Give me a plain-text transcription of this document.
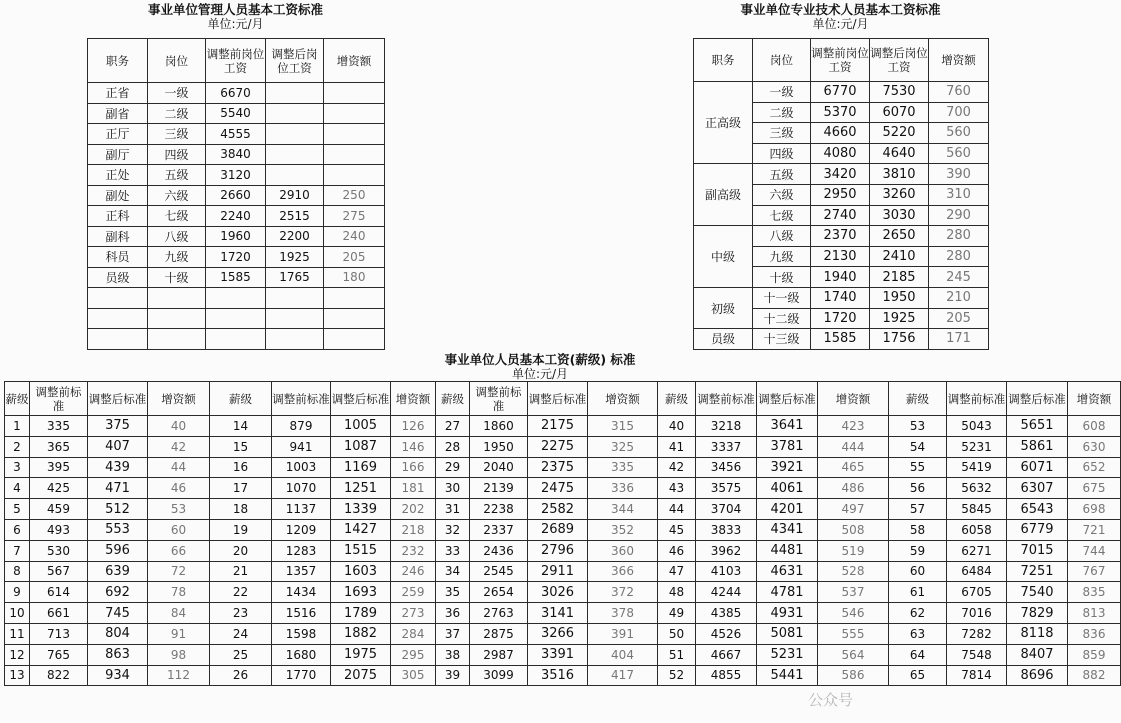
事业单位管理人员基本工资标准
单位:元/月
事业单位专业技术人员基本工资标准
单位:元/月
事业单位人员基本工资(薪级) 标准
单位:元/月
职务	岗位	调整前岗位工资	调整后岗位工资	增资额
正省	一级	6670		
副省	二级	5540		
正厅	三级	4555		
副厅	四级	3840		
正处	五级	3120		
副处	六级	2660	2910	250
正科	七级	2240	2515	275
副科	八级	1960	2200	240
科员	九级	1720	1925	205
员级	十级	1585	1765	180

职务	岗位	调整前岗位工资	调整后岗位工资	增资额
正高级	一级	6770	7530	760
	二级	5370	6070	700
	三级	4660	5220	560
	四级	4080	4640	560
副高级	五级	3420	3810	390
	六级	2950	3260	310
	七级	2740	3030	290
中级	八级	2370	2650	280
	九级	2130	2410	280
	十级	1940	2185	245
初级	十一级	1740	1950	210
	十二级	1720	1925	205
员级	十三级	1585	1756	171
薪级	调整前标准	调整后标准	增资额	薪级	调整前标准	调整后标准	增资额	薪级	调整前标准	调整后标准	增资额	薪级	调整前标准	调整后标准	增资额	薪级	调整前标准	调整后标准	增资额
1	335	375	40	14	879	1005	126	27	1860	2175	315	40	3218	3641	423	53	5043	5651	608
2	365	407	42	15	941	1087	146	28	1950	2275	325	41	3337	3781	444	54	5231	5861	630
3	395	439	44	16	1003	1169	166	29	2040	2375	335	42	3456	3921	465	55	5419	6071	652
4	425	471	46	17	1070	1251	181	30	2139	2475	336	43	3575	4061	486	56	5632	6307	675
5	459	512	53	18	1137	1339	202	31	2238	2582	344	44	3704	4201	497	57	5845	6543	698
6	493	553	60	19	1209	1427	218	32	2337	2689	352	45	3833	4341	508	58	6058	6779	721
7	530	596	66	20	1283	1515	232	33	2436	2796	360	46	3962	4481	519	59	6271	7015	744
8	567	639	72	21	1357	1603	246	34	2545	2911	366	47	4103	4631	528	60	6484	7251	767
9	614	692	78	22	1434	1693	259	35	2654	3026	372	48	4244	4781	537	61	6705	7540	835
10	661	745	84	23	1516	1789	273	36	2763	3141	378	49	4385	4931	546	62	7016	7829	813
11	713	804	91	24	1598	1882	284	37	2875	3266	391	50	4526	5081	555	63	7282	8118	836
12	765	863	98	25	1680	1975	295	38	2987	3391	404	51	4667	5231	564	64	7548	8407	859
13	822	934	112	26	1770	2075	305	39	3099	3516	417	52	4855	5441	586	65	7814	8696	882
公众号
